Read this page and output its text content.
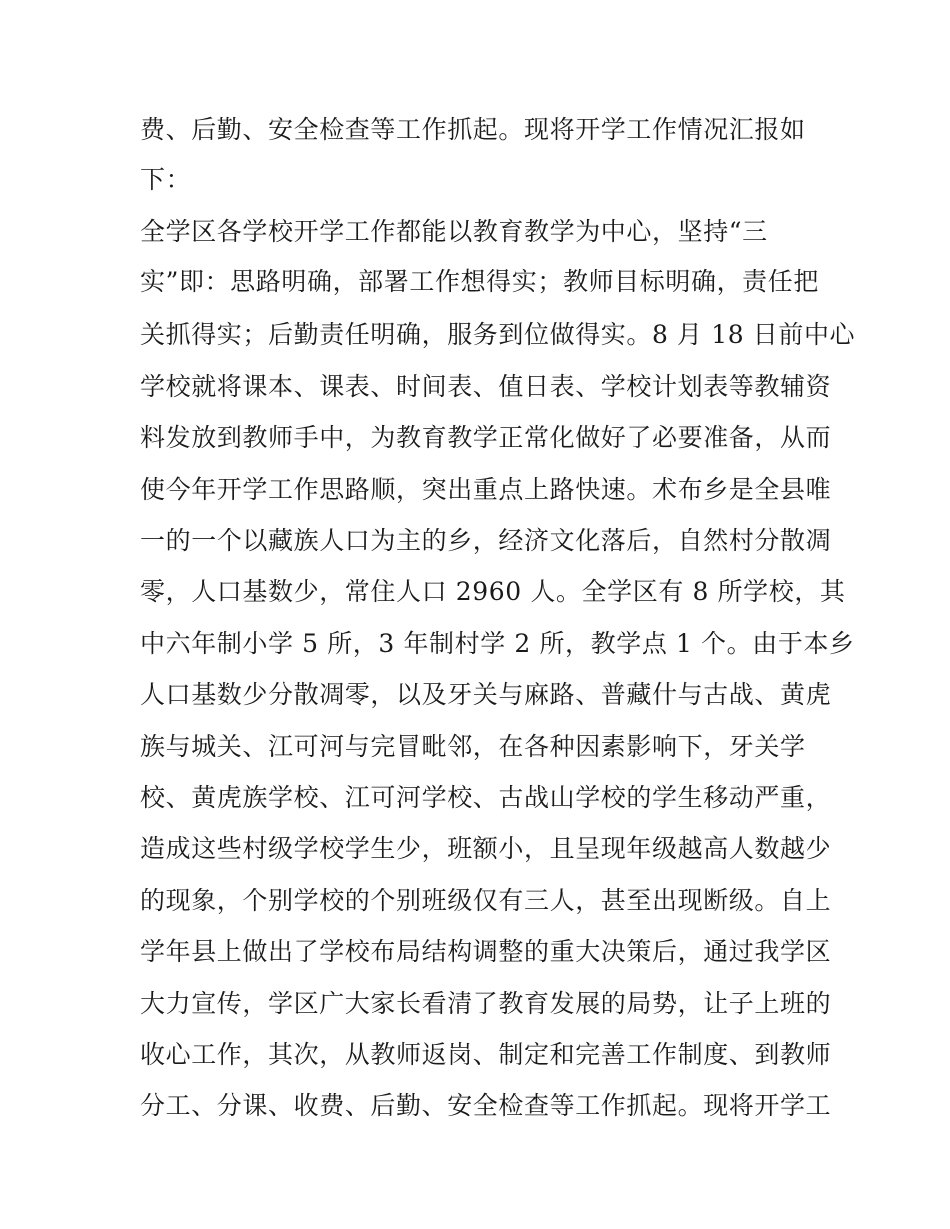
费、后勤、安全检查等工作抓起。现将开学工作情况汇报如
下：
全学区各学校开学工作都能以教育教学为中心，坚持“三
实”即：思路明确，部署工作想得实；教师目标明确，责任把
关抓得实；后勤责任明确，服务到位做得实。8 月 18 日前中心
学校就将课本、课表、时间表、值日表、学校计划表等教辅资
料发放到教师手中，为教育教学正常化做好了必要准备，从而
使今年开学工作思路顺，突出重点上路快速。术布乡是全县唯
一的一个以藏族人口为主的乡，经济文化落后，自然村分散凋
零，人口基数少，常住人口 2960 人。全学区有 8 所学校，其
中六年制小学 5 所，3 年制村学 2 所，教学点 1 个。由于本乡
人口基数少分散凋零，以及牙关与麻路、普藏什与古战、黄虎
族与城关、江可河与完冒毗邻，在各种因素影响下，牙关学
校、黄虎族学校、江可河学校、古战山学校的学生移动严重，
造成这些村级学校学生少，班额小，且呈现年级越高人数越少
的现象，个别学校的个别班级仅有三人，甚至出现断级。自上
学年县上做出了学校布局结构调整的重大决策后，通过我学区
大力宣传，学区广大家长看清了教育发展的局势，让子上班的
收心工作，其次，从教师返岗、制定和完善工作制度、到教师
分工、分课、收费、后勤、安全检查等工作抓起。现将开学工
